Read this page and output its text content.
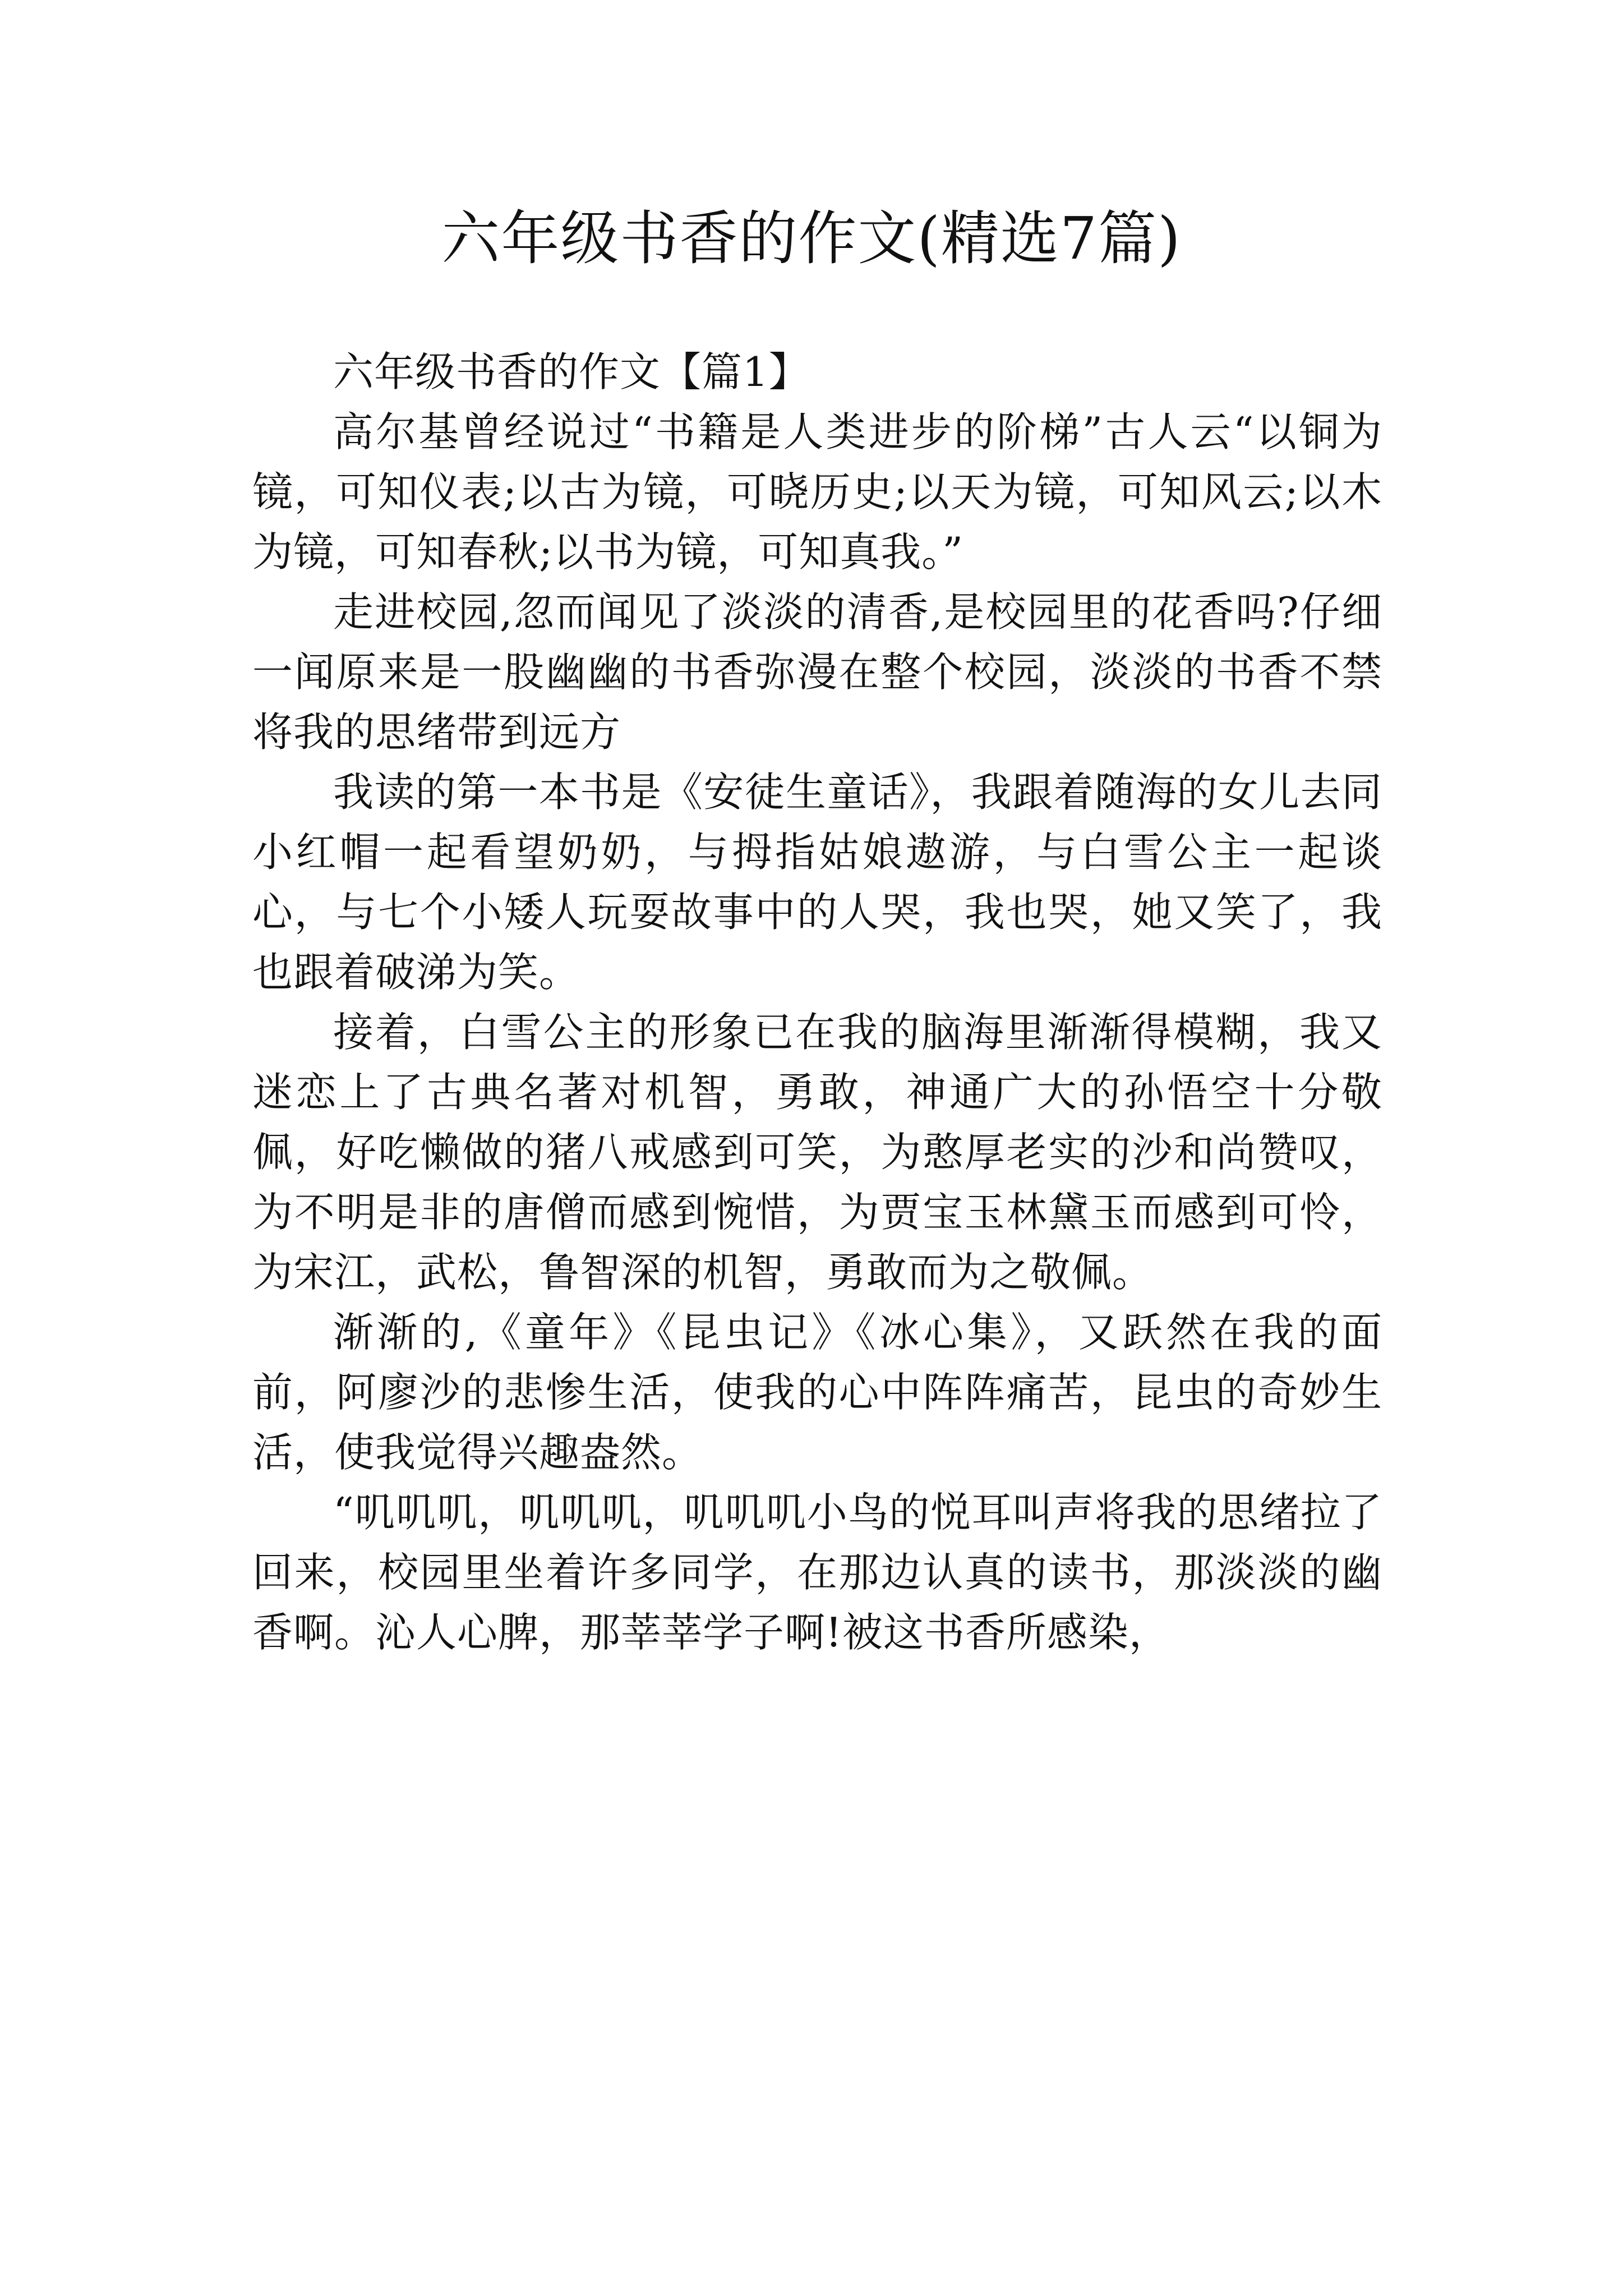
六年级书香的作文(精选7篇)

六年级书香的作文【篇1】

高尔基曾经说过“书籍是人类进步的阶梯”古人云“以铜为镜，可知仪表;以古为镜，可晓历史;以天为镜，可知风云;以木为镜，可知春秋;以书为镜，可知真我。”

走进校园,忽而闻见了淡淡的清香,是校园里的花香吗?仔细一闻原来是一股幽幽的书香弥漫在整个校园，淡淡的书香不禁将我的思绪带到远方

我读的第一本书是《安徒生童话》，我跟着随海的女儿去同小红帽一起看望奶奶，与拇指姑娘遨游，与白雪公主一起谈心，与七个小矮人玩耍故事中的人哭，我也哭，她又笑了，我也跟着破涕为笑。

接着，白雪公主的形象已在我的脑海里渐渐得模糊，我又迷恋上了古典名著对机智，勇敢，神通广大的孙悟空十分敬佩，好吃懒做的猪八戒感到可笑，为憨厚老实的沙和尚赞叹，为不明是非的唐僧而感到惋惜，为贾宝玉林黛玉而感到可怜，为宋江，武松，鲁智深的机智，勇敢而为之敬佩。

渐渐的,《童年》《昆虫记》《冰心集》，又跃然在我的面前，阿廖沙的悲惨生活，使我的心中阵阵痛苦，昆虫的奇妙生活，使我觉得兴趣盎然。

“叽叽叽，叽叽叽，叽叽叽小鸟的悦耳叫声将我的思绪拉了回来，校园里坐着许多同学，在那边认真的读书，那淡淡的幽香啊。沁人心脾，那莘莘学子啊!被这书香所感染，
